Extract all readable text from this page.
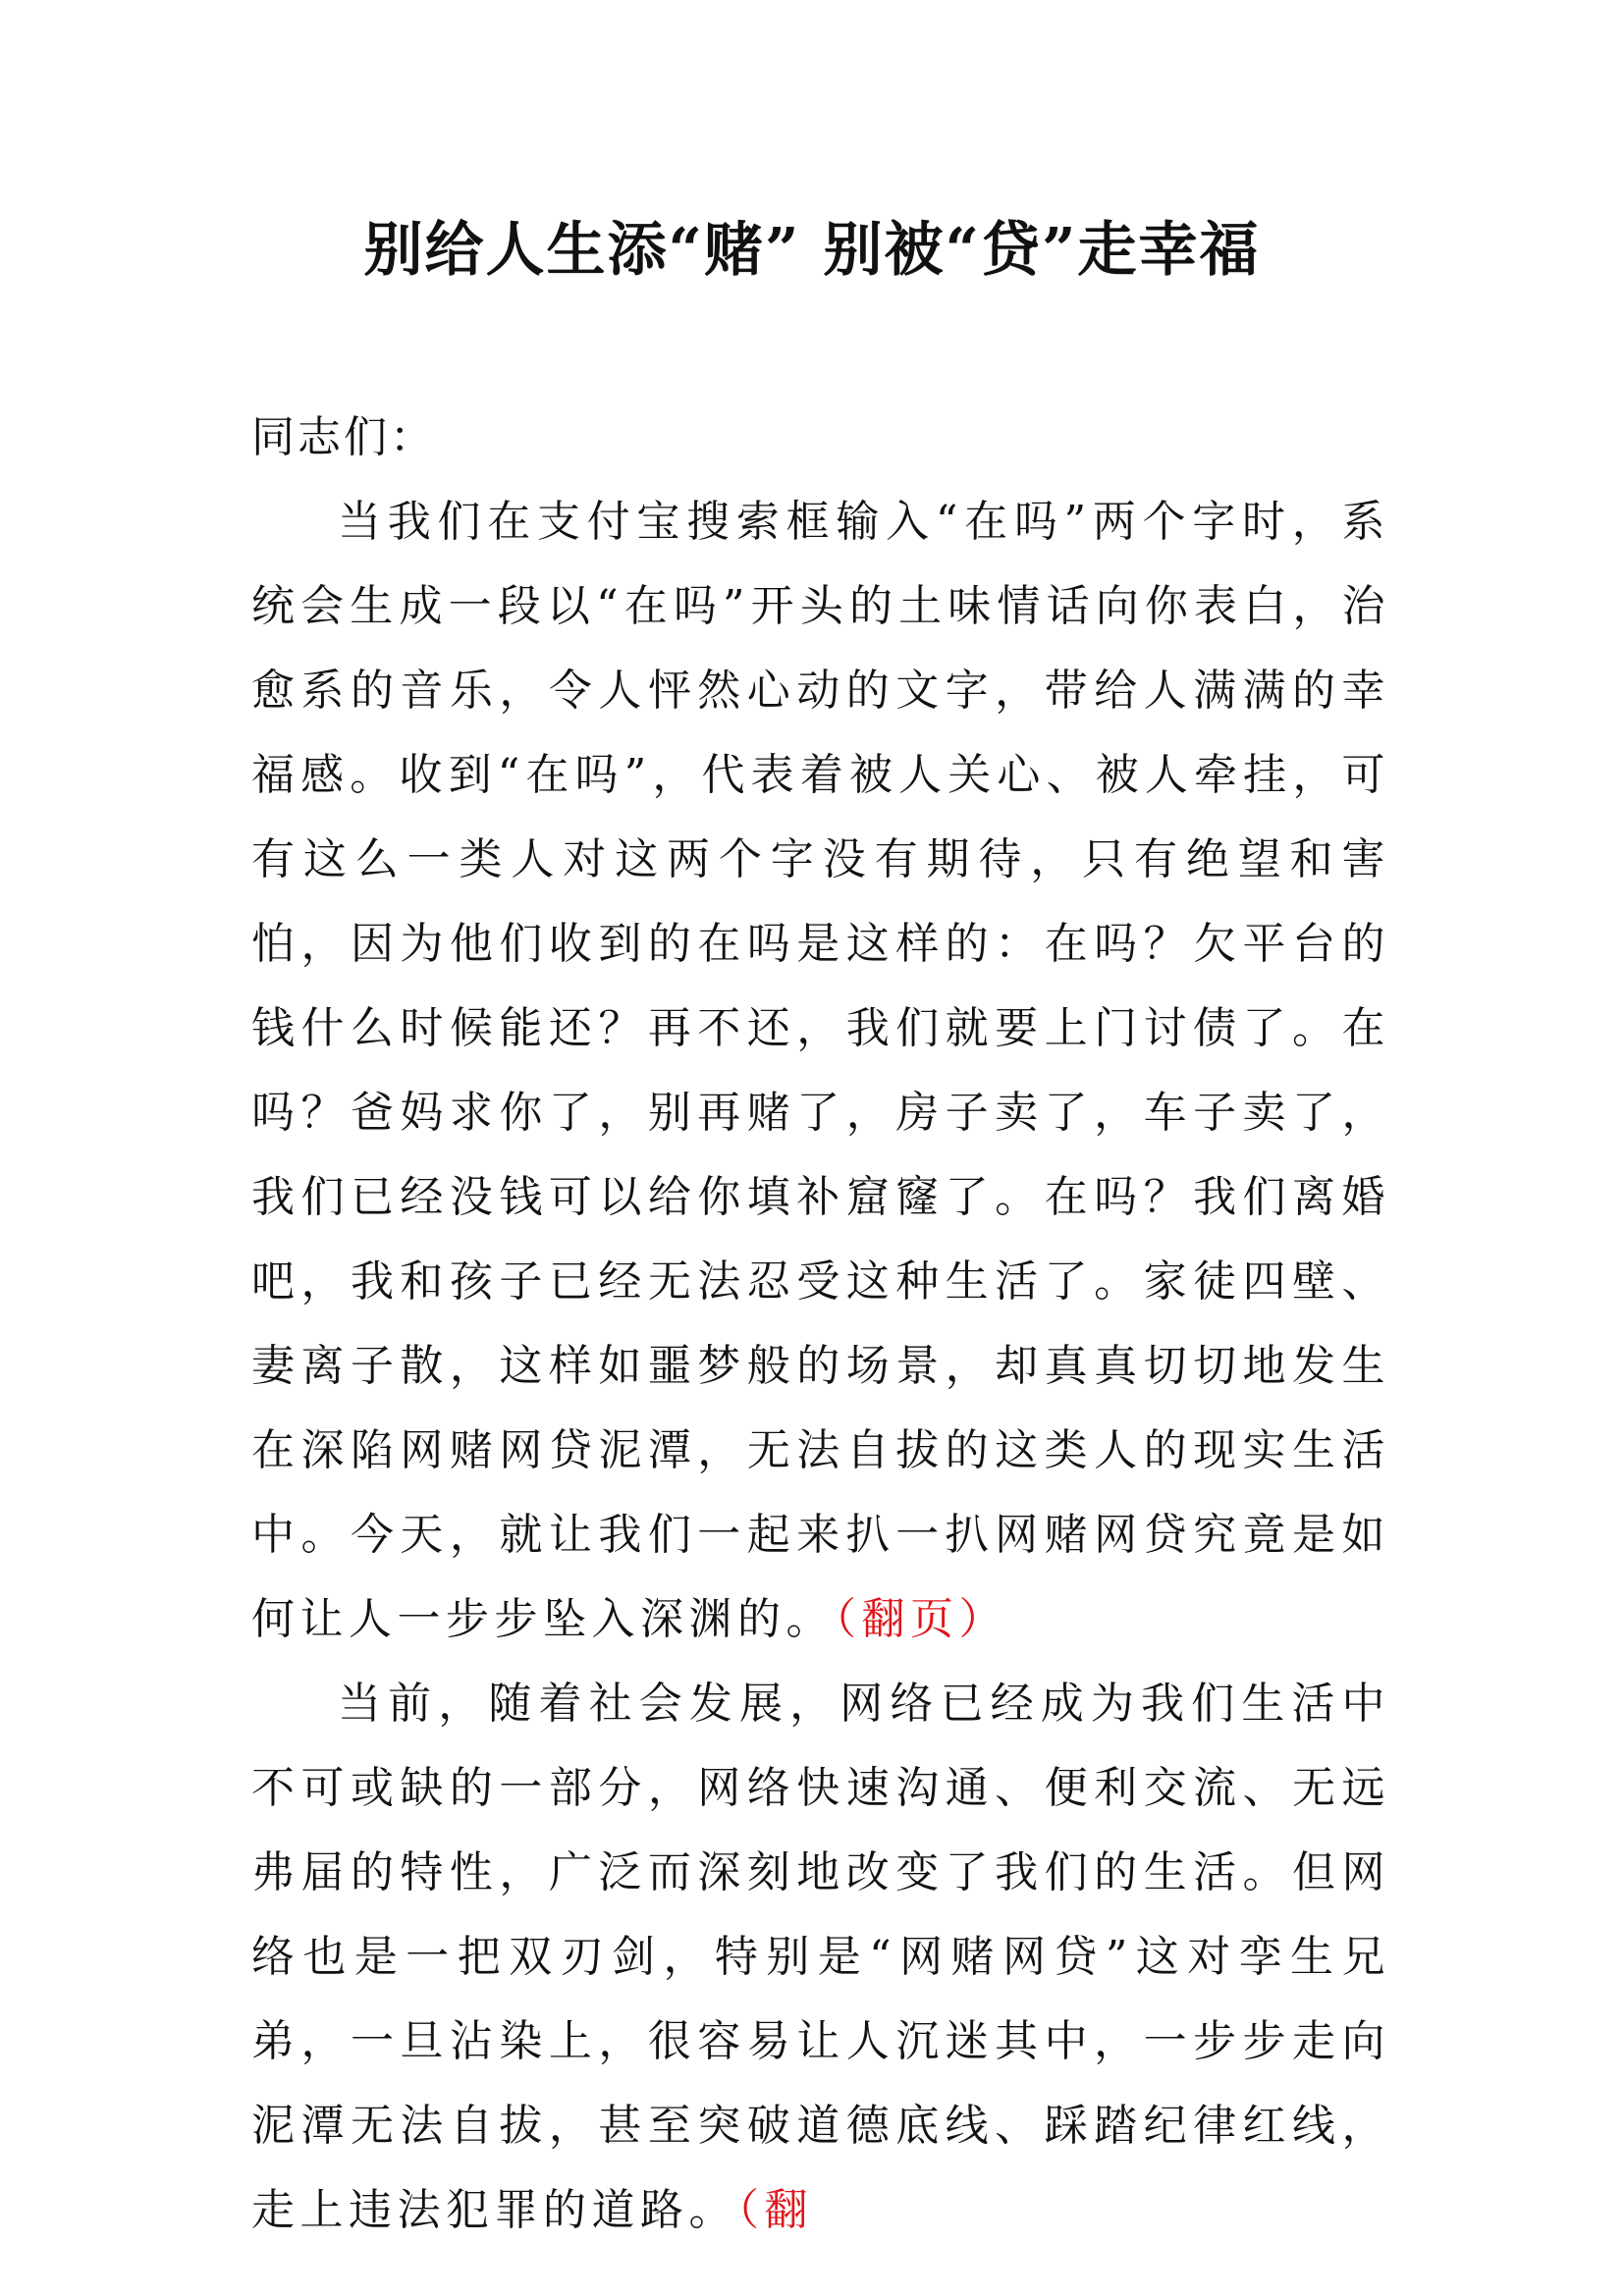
别给人生添“赌” 别被“贷”走幸福

同志们：

当我们在支付宝搜索框输入“在吗”两个字时，系统会生成一段以“在吗”开头的土味情话向你表白，治愈系的音乐，令人怦然心动的文字，带给人满满的幸福感。收到“在吗”，代表着被人关心、被人牵挂，可有这么一类人对这两个字没有期待，只有绝望和害怕，因为他们收到的在吗是这样的：在吗？欠平台的钱什么时候能还？再不还，我们就要上门讨债了。在吗？爸妈求你了，别再赌了，房子卖了，车子卖了，我们已经没钱可以给你填补窟窿了。在吗？我们离婚吧，我和孩子已经无法忍受这种生活了。家徒四壁、妻离子散，这样如噩梦般的场景，却真真切切地发生在深陷网赌网贷泥潭，无法自拔的这类人的现实生活中。今天，就让我们一起来扒一扒网赌网贷究竟是如何让人一步步坠入深渊的。（翻页）

当前，随着社会发展，网络已经成为我们生活中不可或缺的一部分，网络快速沟通、便利交流、无远弗届的特性，广泛而深刻地改变了我们的生活。但网络也是一把双刃剑，特别是“网赌网贷”这对孪生兄弟，一旦沾染上，很容易让人沉迷其中，一步步走向泥潭无法自拔，甚至突破道德底线、踩踏纪律红线，走上违法犯罪的道路。（翻
